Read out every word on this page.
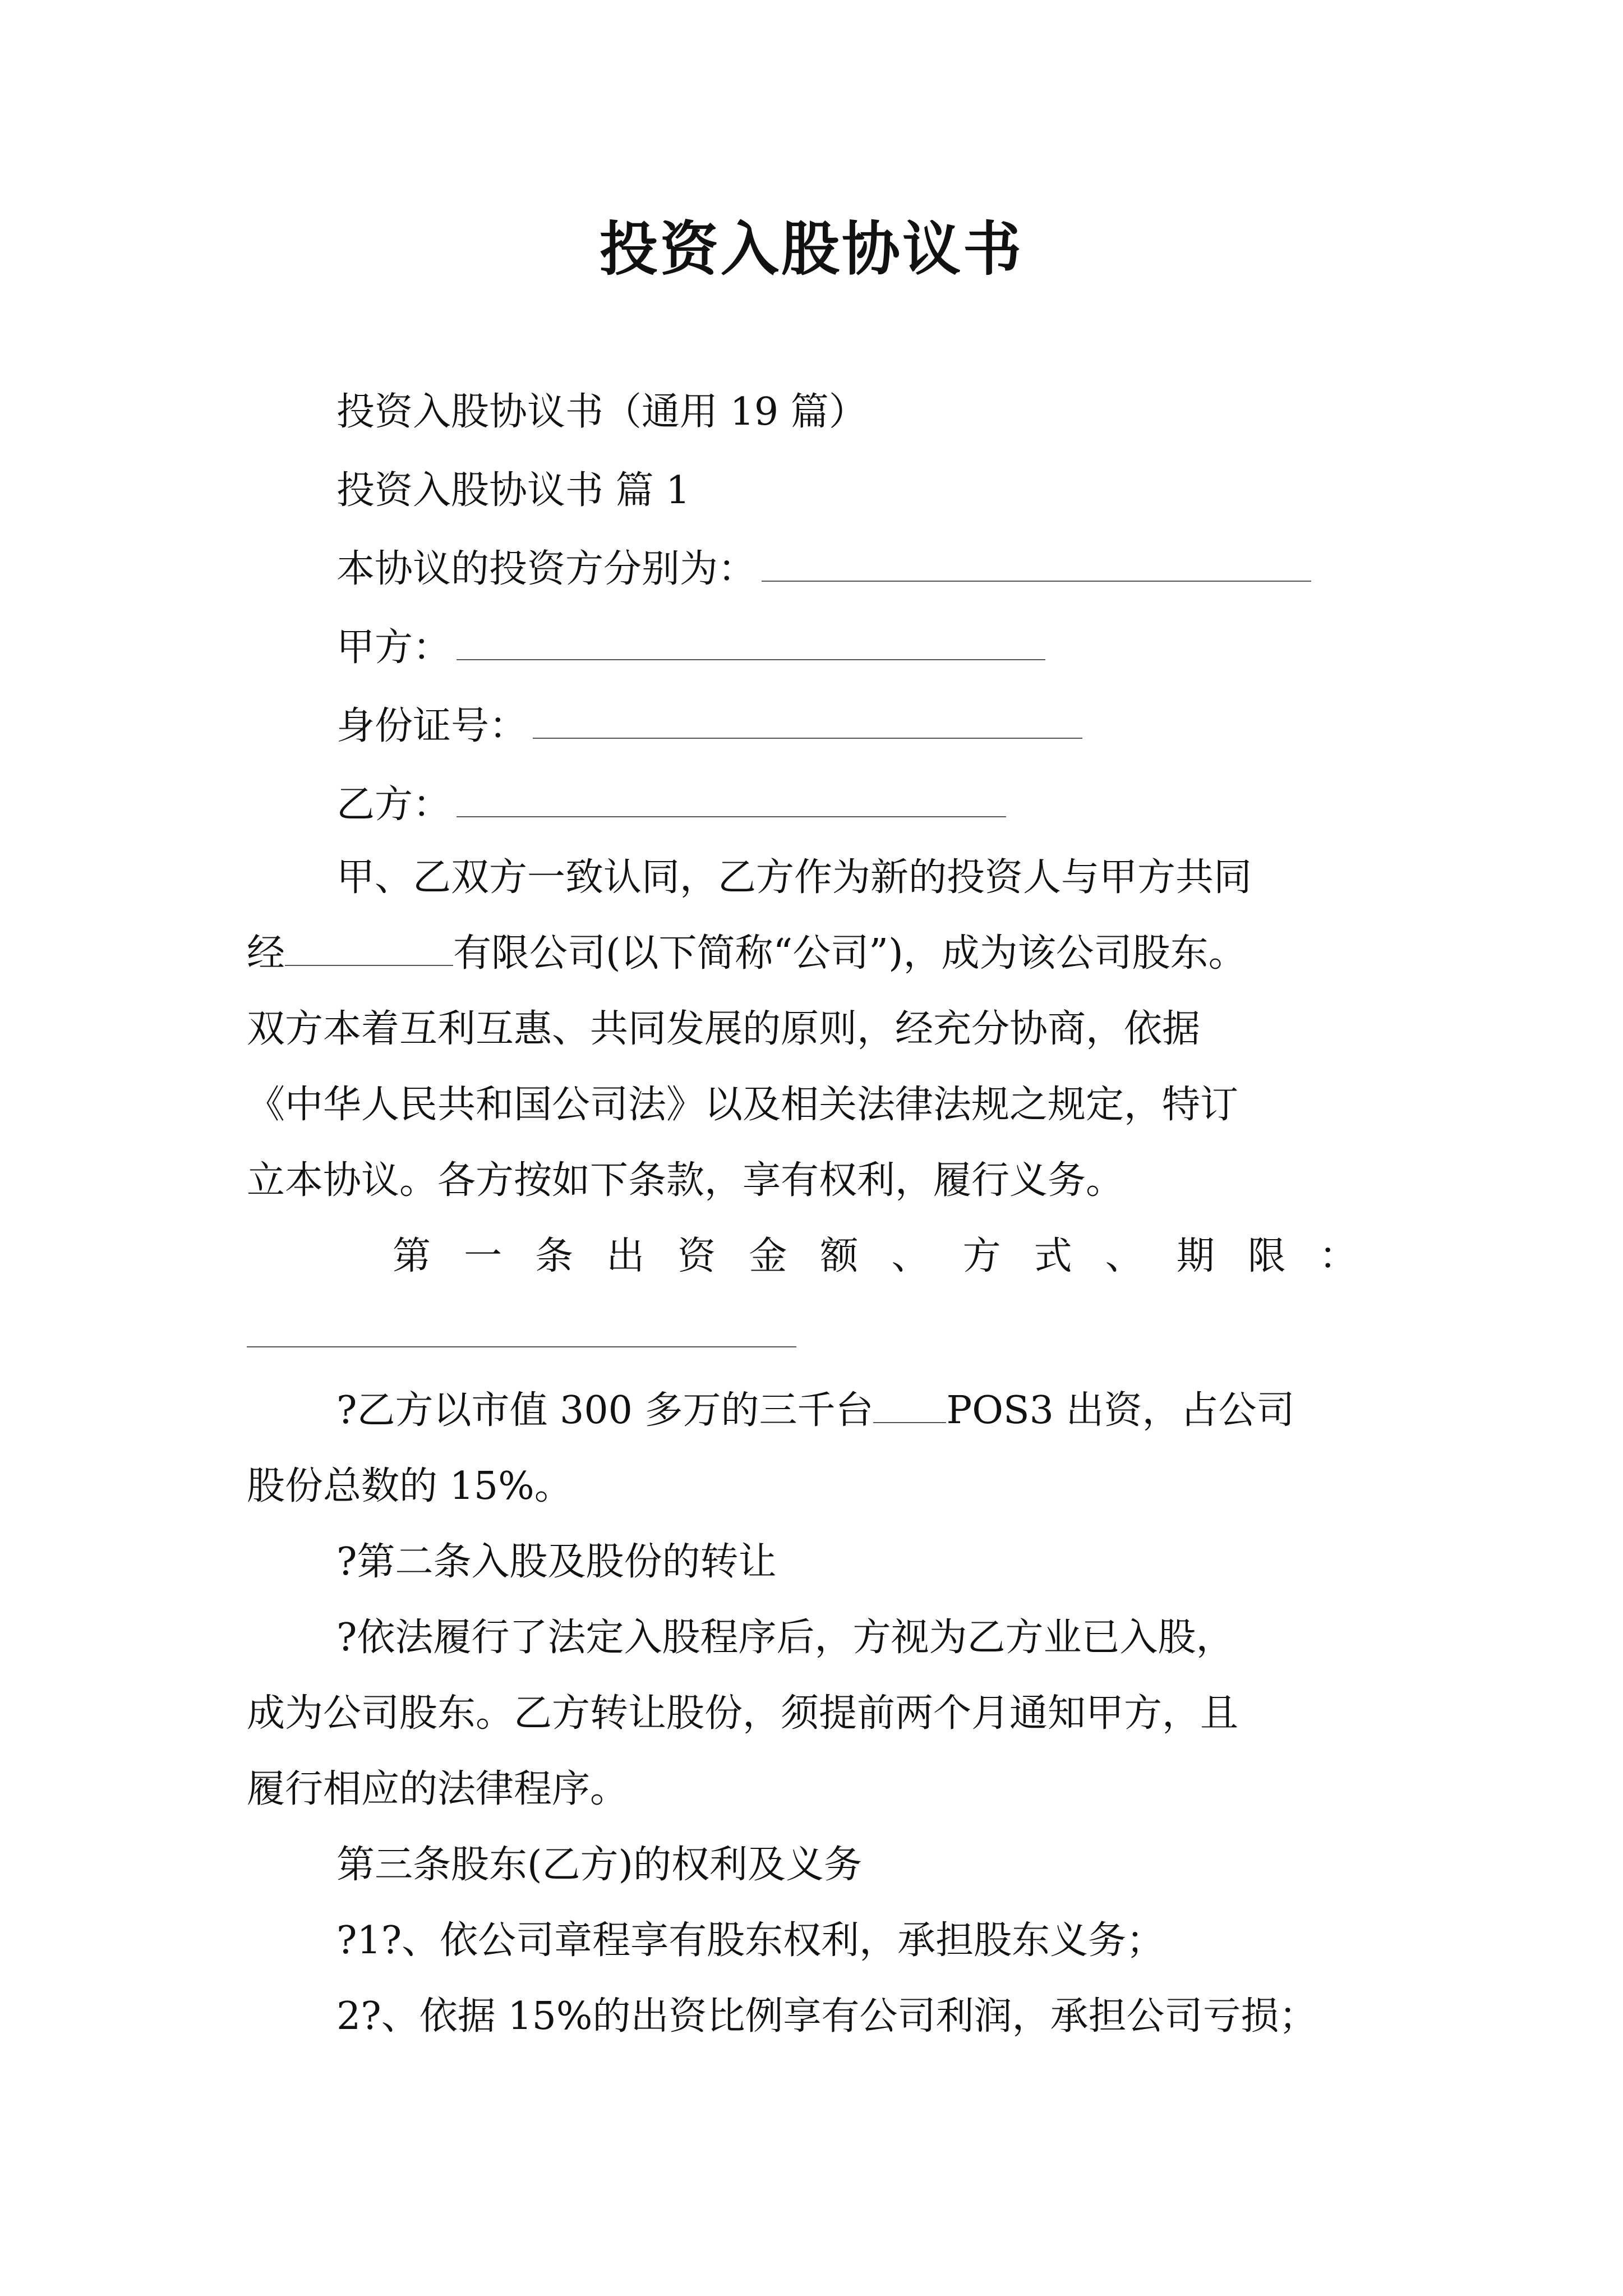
投资入股协议书
投资入股协议书（通用 19 篇）
投资入股协议书 篇 1
本协议的投资方分别为：
甲方：
身份证号：
乙方：
甲、乙双方一致认同，乙方作为新的投资人与甲方共同
经	有限公司(以下简称“公司”)，成为该公司股东。
双方本着互利互惠、共同发展的原则，经充分协商，依据
《中华人民共和国公司法》以及相关法律法规之规定，特订
立本协议。各方按如下条款，享有权利，履行义务。
第 一 条 出 资 金 额 、 方 式 、 期 限 ：
?乙方以市值 300 多万的三千台 POS3 出资，占公司
股份总数的 15%。
?第二条入股及股份的转让
?依法履行了法定入股程序后，方视为乙方业已入股，
成为公司股东。乙方转让股份，须提前两个月通知甲方，且
履行相应的法律程序。
第三条股东(乙方)的权利及义务
?1?、依公司章程享有股东权利，承担股东义务；
2?、依据 15%的出资比例享有公司利润，承担公司亏损；
